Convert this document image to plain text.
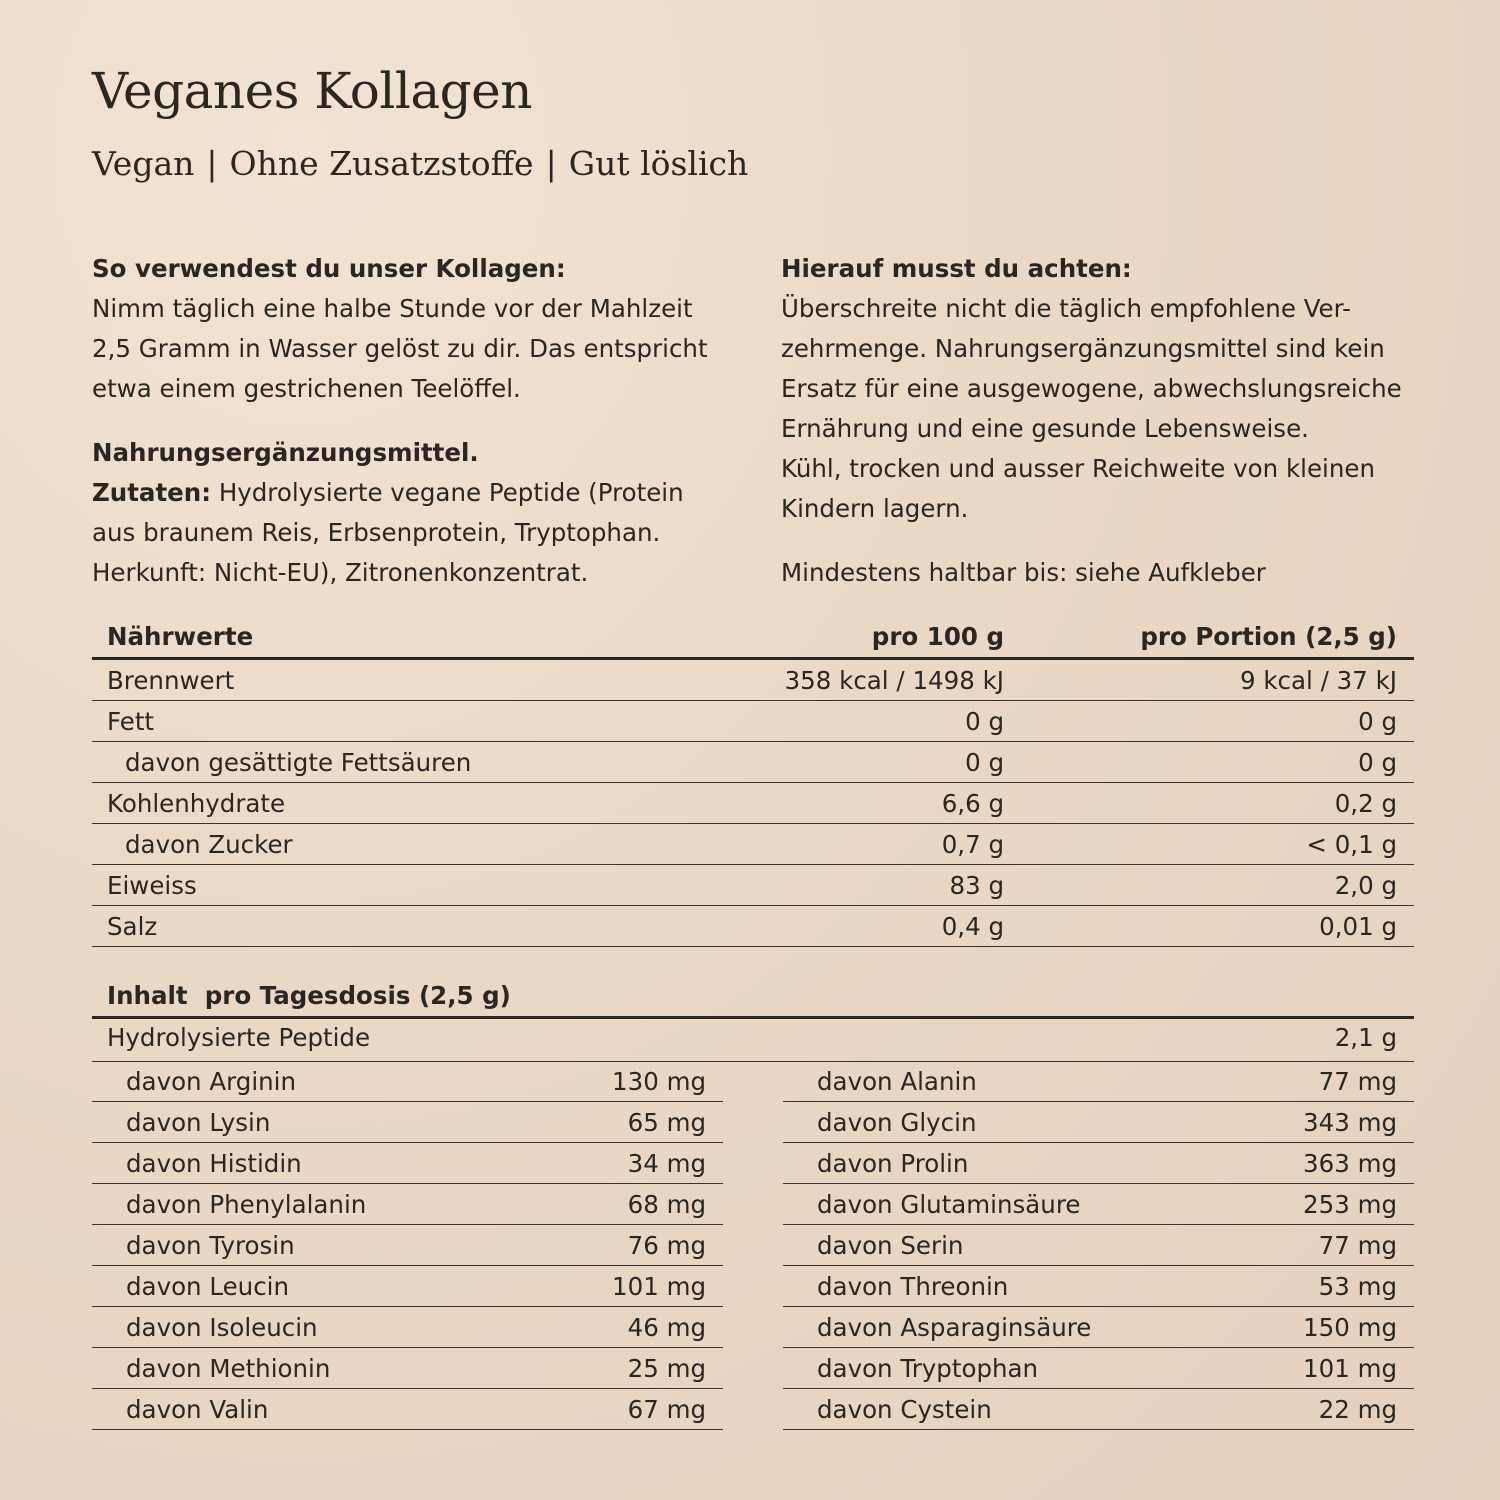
Veganes Kollagen
Vegan | Ohne Zusatzstoffe | Gut löslich
So verwendest du unser Kollagen:
Nimm täglich eine halbe Stunde vor der Mahlzeit
2,5 Gramm in Wasser gelöst zu dir. Das entspricht
etwa einem gestrichenen Teelöffel.
Nahrungsergänzungsmittel.
Zutaten: Hydrolysierte vegane Peptide (Protein
aus braunem Reis, Erbsenprotein, Tryptophan.
Herkunft: Nicht-EU), Zitronenkonzentrat.
Hierauf musst du achten:
Überschreite nicht die täglich empfohlene Ver-
zehrmenge. Nahrungsergänzungsmittel sind kein
Ersatz für eine ausgewogene, abwechslungsreiche
Ernährung und eine gesunde Lebensweise.
Kühl, trocken und ausser Reichweite von kleinen
Kindern lagern.
Mindestens haltbar bis: siehe Aufkleber
Nährwerte	pro 100 g	pro Portion (2,5 g)
Brennwert	358 kcal / 1498 kJ	9 kcal / 37 kJ
Fett	0 g	0 g
davon gesättigte Fettsäuren	0 g	0 g
Kohlenhydrate	6,6 g	0,2 g
davon Zucker	0,7 g	< 0,1 g
Eiweiss	83 g	2,0 g
Salz	0,4 g	0,01 g
Inhalt  pro Tagesdosis (2,5 g)
Hydrolysierte Peptide	2,1 g
davon Arginin	130 mg
davon Lysin	65 mg
davon Histidin	34 mg
davon Phenylalanin	68 mg
davon Tyrosin	76 mg
davon Leucin	101 mg
davon Isoleucin	46 mg
davon Methionin	25 mg
davon Valin	67 mg
davon Alanin	77 mg
davon Glycin	343 mg
davon Prolin	363 mg
davon Glutaminsäure	253 mg
davon Serin	77 mg
davon Threonin	53 mg
davon Asparaginsäure	150 mg
davon Tryptophan	101 mg
davon Cystein	22 mg
